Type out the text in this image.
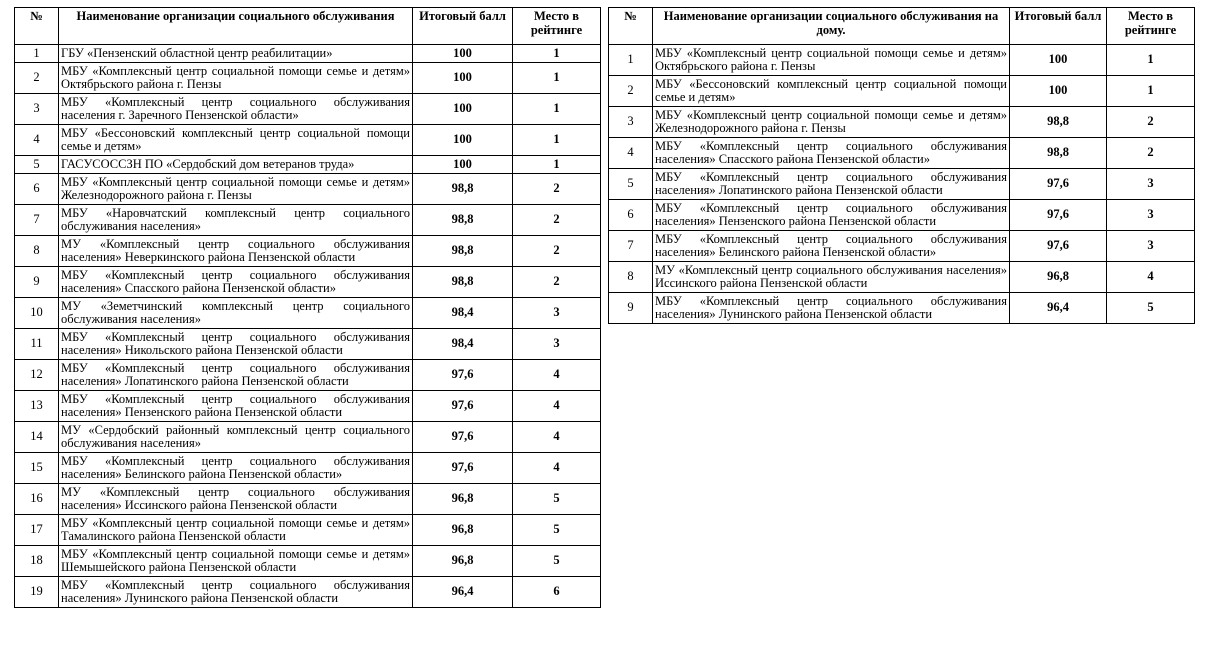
№	Наименование организации социального обслуживания	Итоговый балл	Место в рейтинге
1	ГБУ «Пензенский областной центр реабилитации»	100	1
2	МБУ «Комплексный центр социальной помощи семье и детям» Октябрьского района г. Пензы	100	1
3	МБУ «Комплексный центр социального обслуживания населения г. Заречного Пензенской области»	100	1
4	МБУ «Бессоновский комплексный центр социальной помощи семье и детям»	100	1
5	ГАСУСОССЗН ПО «Сердобский дом ветеранов труда»	100	1
6	МБУ «Комплексный центр социальной помощи семье и детям» Железнодорожного района г. Пензы	98,8	2
7	МБУ «Наровчатский комплексный центр социального обслуживания населения»	98,8	2
8	МУ «Комплексный центр социального обслуживания населения» Неверкинского района Пензенской области	98,8	2
9	МБУ «Комплексный центр социального обслуживания населения» Спасского района Пензенской области»	98,8	2
10	МУ «Земетчинский комплексный центр социального обслуживания населения»	98,4	3
11	МБУ «Комплексный центр социального обслуживания населения» Никольского района Пензенской области	98,4	3
12	МБУ «Комплексный центр социального обслуживания населения» Лопатинского района Пензенской области	97,6	4
13	МБУ «Комплексный центр социального обслуживания населения» Пензенского района Пензенской области	97,6	4
14	МУ «Сердобский районный комплексный центр социального обслуживания населения»	97,6	4
15	МБУ «Комплексный центр социального обслуживания населения» Белинского района Пензенской области»	97,6	4
16	МУ «Комплексный центр социального обслуживания населения» Иссинского района Пензенской области	96,8	5
17	МБУ «Комплексный центр социальной помощи семье и детям» Тамалинского района Пензенской области	96,8	5
18	МБУ «Комплексный центр социальной помощи семье и детям» Шемышейского района Пензенской области	96,8	5
19	МБУ «Комплексный центр социального обслуживания населения» Лунинского района Пензенской области	96,4	6
№	Наименование организации социального обслуживания на дому.	Итоговый балл	Место в рейтинге
1	МБУ «Комплексный центр социальной помощи семье и детям» Октябрьского района г. Пензы	100	1
2	МБУ «Бессоновский комплексный центр социальной помощи семье и детям»	100	1
3	МБУ «Комплексный центр социальной помощи семье и детям» Железнодорожного района г. Пензы	98,8	2
4	МБУ «Комплексный центр социального обслуживания населения» Спасского района Пензенской области»	98,8	2
5	МБУ «Комплексный центр социального обслуживания населения» Лопатинского района Пензенской области	97,6	3
6	МБУ «Комплексный центр социального обслуживания населения» Пензенского района Пензенской области	97,6	3
7	МБУ «Комплексный центр социального обслуживания населения» Белинского района Пензенской области»	97,6	3
8	МУ «Комплексный центр социального обслуживания населения» Иссинского района Пензенской области	96,8	4
9	МБУ «Комплексный центр социального обслуживания населения» Лунинского района Пензенской области	96,4	5
